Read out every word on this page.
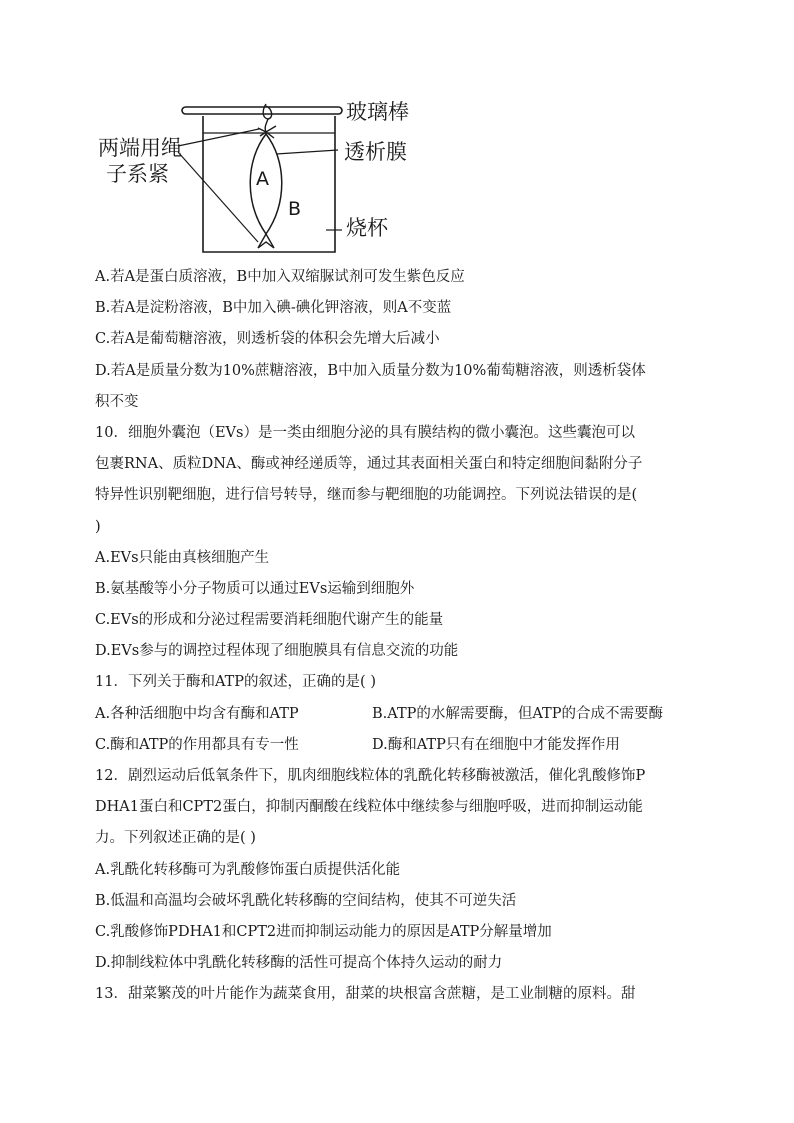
玻璃棒
两端用绳
子系紧
透析膜
烧杯
A
B
A.若A是蛋白质溶液，B中加入双缩脲试剂可发生紫色反应
B.若A是淀粉溶液，B中加入碘-碘化钾溶液，则A不变蓝
C.若A是葡萄糖溶液，则透析袋的体积会先增大后减小
D.若A是质量分数为10%蔗糖溶液，B中加入质量分数为10%葡萄糖溶液，则透析袋体
积不变
10．细胞外囊泡（EVs）是一类由细胞分泌的具有膜结构的微小囊泡。这些囊泡可以
包裹RNA、质粒DNA、酶或神经递质等，通过其表面相关蛋白和特定细胞间黏附分子
特异性识别靶细胞，进行信号转导，继而参与靶细胞的功能调控。下列说法错误的是(
)
A.EVs只能由真核细胞产生
B.氨基酸等小分子物质可以通过EVs运输到细胞外
C.EVs的形成和分泌过程需要消耗细胞代谢产生的能量
D.EVs参与的调控过程体现了细胞膜具有信息交流的功能
11．下列关于酶和ATP的叙述，正确的是( )
A.各种活细胞中均含有酶和ATP	B.ATP的水解需要酶，但ATP的合成不需要酶
C.酶和ATP的作用都具有专一性	D.酶和ATP只有在细胞中才能发挥作用
12．剧烈运动后低氧条件下，肌肉细胞线粒体的乳酰化转移酶被激活，催化乳酸修饰P
DHA1蛋白和CPT2蛋白，抑制丙酮酸在线粒体中继续参与细胞呼吸，进而抑制运动能
力。下列叙述正确的是( )
A.乳酰化转移酶可为乳酸修饰蛋白质提供活化能
B.低温和高温均会破坏乳酰化转移酶的空间结构，使其不可逆失活
C.乳酸修饰PDHA1和CPT2进而抑制运动能力的原因是ATP分解量增加
D.抑制线粒体中乳酰化转移酶的活性可提高个体持久运动的耐力
13．甜菜繁茂的叶片能作为蔬菜食用，甜菜的块根富含蔗糖，是工业制糖的原料。甜
